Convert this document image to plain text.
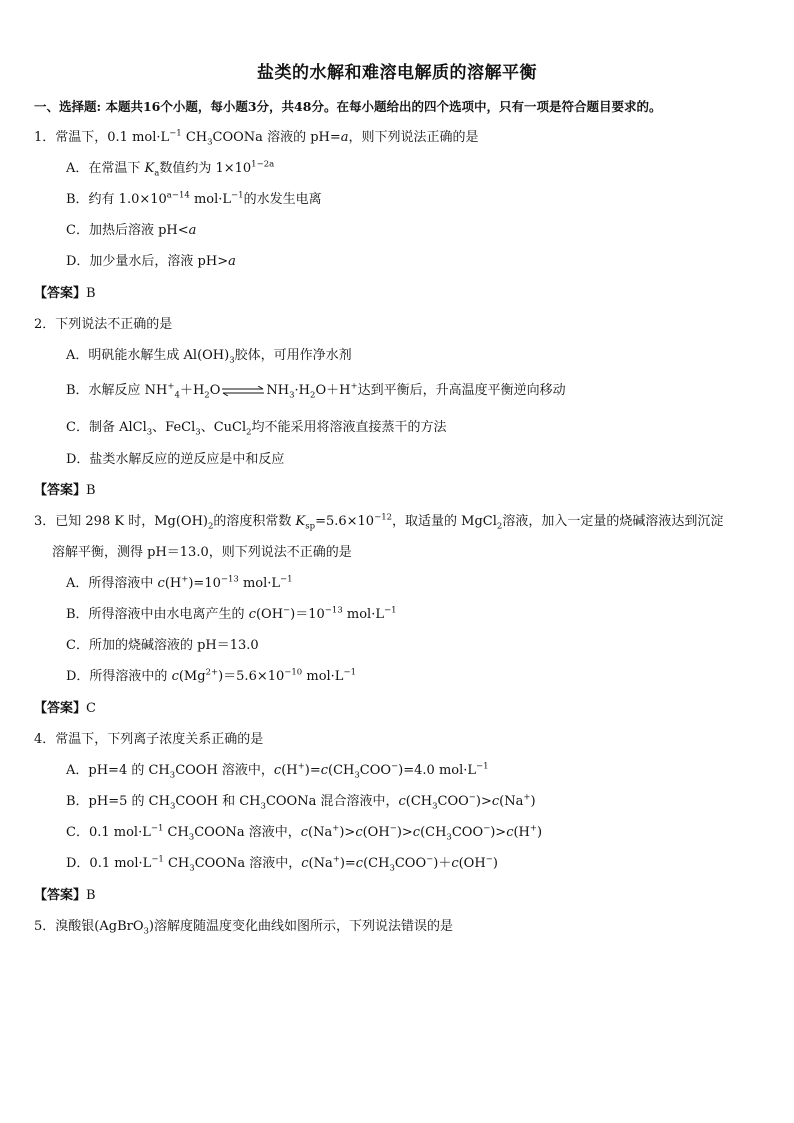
盐类的水解和难溶电解质的溶解平衡
一、选择题: 本题共16个小题，每小题3分，共48分。在每小题给出的四个选项中，只有一项是符合题目要求的。
1．常温下，0.1 $mol\cdot L^{-1}$ $CH_3COONa$ 溶液的 pH=a，则下列说法正确的是
A．在常温下 $K_a$数值约为 $1\times 10^{1-2a}$
B．约有 $1.0\times 10^{a-14}$ $mol\cdot L^{-1}$的水发生电离
C．加热后溶液 pH<a
D．加少量水后，溶液 pH>a
【答案】B
2．下列说法不正确的是
A．明矾能水解生成 $Al(OH)_3$胶体，可用作净水剂
B．水解反应 $NH^+_4+H_2O\rightleftharpoons NH_3\cdot H_2O+H^+$达到平衡后，升高温度平衡逆向移动
C．制备 AlCl$_3$、FeCl$_3$、CuCl$_2$均不能采用将溶液直接蒸干的方法
D．盐类水解反应的逆反应是中和反应
【答案】B
3．已知 298 K 时，$Mg(OH)_2$的溶度积常数 $K_{sp}=5.6\times 10^{-12}$，取适量的 MgCl$_2$溶液，加入一定量的烧碱溶液达到沉淀
溶解平衡，测得 pH＝13.0，则下列说法不正确的是
A．所得溶液中 $c(H^+)=10^{-13}$ $mol\cdot L^{-1}$
B．所得溶液中由水电离产生的 $c(OH^-)=10^{-13}$ $mol\cdot L^{-1}$
C．所加的烧碱溶液的 pH＝13.0
D．所得溶液中的 $c(Mg^{2+})=5.6\times 10^{-10}$ $mol\cdot L^{-1}$
【答案】C
4．常温下，下列离子浓度关系正确的是
A．pH=4 的 $CH_3COOH$ 溶液中，$c(H^+)=c(CH_3COO^-)=4.0$ $mol\cdot L^{-1}$
B．pH=5 的 $CH_3COOH$ 和 $CH_3COONa$ 混合溶液中，$c(CH_3COO^-)>c(Na^+)$
C．0.1 $mol\cdot L^{-1}$ $CH_3COONa$ 溶液中，$c(Na^+)>c(OH^-)>c(CH_3COO^-)>c(H^+)$
D．0.1 $mol\cdot L^{-1}$ $CH_3COONa$ 溶液中，$c(Na^+)=c(CH_3COO^-)+c(OH^-)$
【答案】B
5．溴酸银(AgBrO$_3$)溶解度随温度变化曲线如图所示，下列说法错误的是
